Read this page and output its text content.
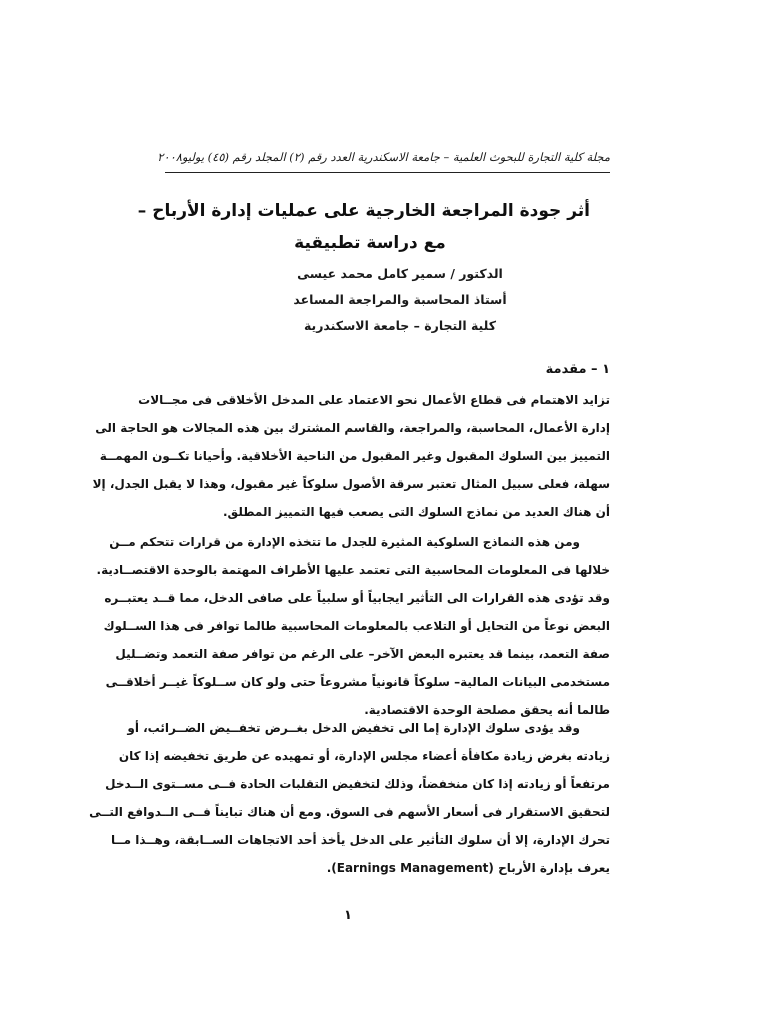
مجلة كلية التجارة للبحوث العلمية – جامعة الاسكندرية العدد رقم (٢) المجلد رقم (٤٥) يوليو٢٠٠٨
أثر جودة المراجعة الخارجية على عمليات إدارة الأرباح –
مع دراسة تطبيقية
الدكتور / سمير كامل محمد عيسى
أستاذ المحاسبة والمراجعة المساعد
كلية التجارة – جامعة الاسكندرية
١ – مقدمة
تزايد الاهتمام فى قطاع الأعمال نحو الاعتماد على المدخل الأخلاقى فى مجــالات
إدارة الأعمال، المحاسبة، والمراجعة، والقاسم المشترك بين هذه المجالات هو الحاجة الى
التمييز بين السلوك المقبول وغير المقبول من الناحية الأخلاقية. وأحيانا تكــون المهمــة
سهلة، فعلى سبيل المثال تعتبر سرقة الأصول سلوكاً غير مقبول، وهذا لا يقبل الجدل، إلا
أن هناك العديد من نماذج السلوك التى يصعب فيها التمييز المطلق.
ومن هذه النماذج السلوكية المثيرة للجدل ما تتخذه الإدارة من قرارات تتحكم مــن
خلالها فى المعلومات المحاسبية التى تعتمد عليها الأطراف المهتمة بالوحدة الاقتصــادية.
وقد تؤدى هذه القرارات الى التأثير ايجابياً أو سلبياً على صافى الدخل، مما قــد يعتبــره
البعض نوعاً من التحايل أو التلاعب بالمعلومات المحاسبية طالما توافر فى هذا الســلوك
صفة التعمد، بينما قد يعتبره البعض الآخر– على الرغم من توافر صفة التعمد وتضــليل
مستخدمى البيانات المالية– سلوكاً قانونياً مشروعاً حتى ولو كان ســلوكاً غيــر أخلاقــى
طالما أنه يحقق مصلحة الوحدة الاقتصادية.
وقد يؤدى سلوك الإدارة إما الى تخفيض الدخل بغــرض تخفــيض الضــرائب، أو
زيادته بغرض زيادة مكافأة أعضاء مجلس الإدارة، أو تمهيده عن طريق تخفيضه إذا كان
مرتفعاً أو زيادته إذا كان منخفضاً، وذلك لتخفيض التقلبات الحادة فــى مســتوى الــدخل
لتحقيق الاستقرار فى أسعار الأسهم فى السوق. ومع أن هناك تبايناً فــى الــدوافع التــى
تحرك الإدارة، إلا أن سلوك التأثير على الدخل يأخذ أحد الاتجاهات الســابقة، وهــذا مــا
يعرف بإدارة الأرباح (Earnings Management).
١
